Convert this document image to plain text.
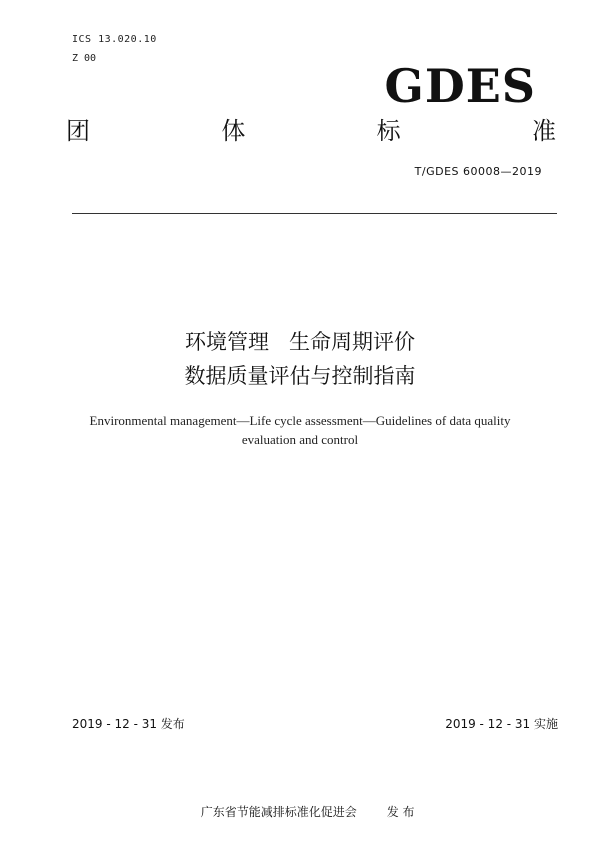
ICS 13.020.10
Z 00
GDES
团	体	标	准
T/GDES 60008—2019
环境管理   生命周期评价
数据质量评估与控制指南
Environmental management—Life cycle assessment—Guidelines of data quality
evaluation and control
2019 - 12 - 31 发布	2019 - 12 - 31 实施

广东省节能减排标准化促进会	发 布
